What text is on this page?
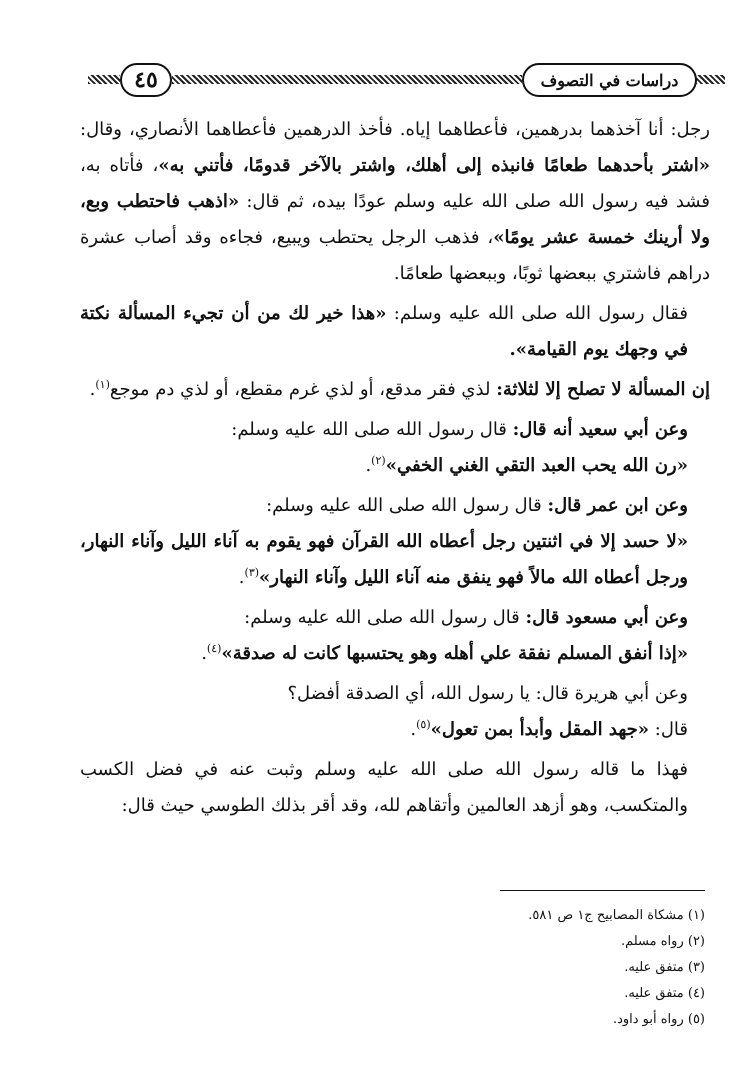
دراسات في التصوف
٤٥

رجل: أنا آخذهما بدرهمين، فأعطاهما إياه. فأخذ الدرهمين فأعطاهما الأنصاري، وقال: «اشتر بأحدهما طعامًا فانبذه إلى أهلك، واشتر بالآخر قدومًا، فأتني به»، فأتاه به، فشد فيه رسول الله صلى الله عليه وسلم عودًا بيده، ثم قال: «اذهب فاحتطب وبع، ولا أرينك خمسة عشر يومًا»، فذهب الرجل يحتطب ويبيع، فجاءه وقد أصاب عشرة دراهم فاشتري ببعضها ثوبًا، وببعضها طعامًا.

فقال رسول الله صلى الله عليه وسلم: «هذا خير لك من أن تجيء المسألة نكتة في وجهك يوم القيامة».

إن المسألة لا تصلح إلا لثلاثة: لذي فقر مدقع، أو لذي غرم مقطع، أو لذي دم موجع$^{(١)}$.

وعن أبي سعيد أنه قال: قال رسول الله صلى الله عليه وسلم:

«رن الله يحب العبد التقي الغني الخفي»$^{(٢)}$.

وعن ابن عمر قال: قال رسول الله صلى الله عليه وسلم:

«لا حسد إلا في اثنتين رجل أعطاه الله القرآن فهو يقوم به آناء الليل وآناء النهار، ورجل أعطاه الله مالاً فهو ينفق منه آناء الليل وآناء النهار»$^{(٣)}$.

وعن أبي مسعود قال: قال رسول الله صلى الله عليه وسلم:

«إذا أنفق المسلم نفقة علي أهله وهو يحتسبها كانت له صدقة»$^{(٤)}$.

وعن أبي هريرة قال: يا رسول الله، أي الصدقة أفضل؟

قال: «جهد المقل وأبدأ بمن تعول»$^{(٥)}$.

فهذا ما قاله رسول الله صلى الله عليه وسلم وثبت عنه في فضل الكسب والمتكسب، وهو أزهد العالمين وأتقاهم لله، وقد أقر بذلك الطوسي حيث قال:

(١) مشكاة المصابيح ج١ ص ٥٨١.
(٢) رواه مسلم.
(٣) متفق عليه.
(٤) متفق عليه.
(٥) رواه أبو داود.
